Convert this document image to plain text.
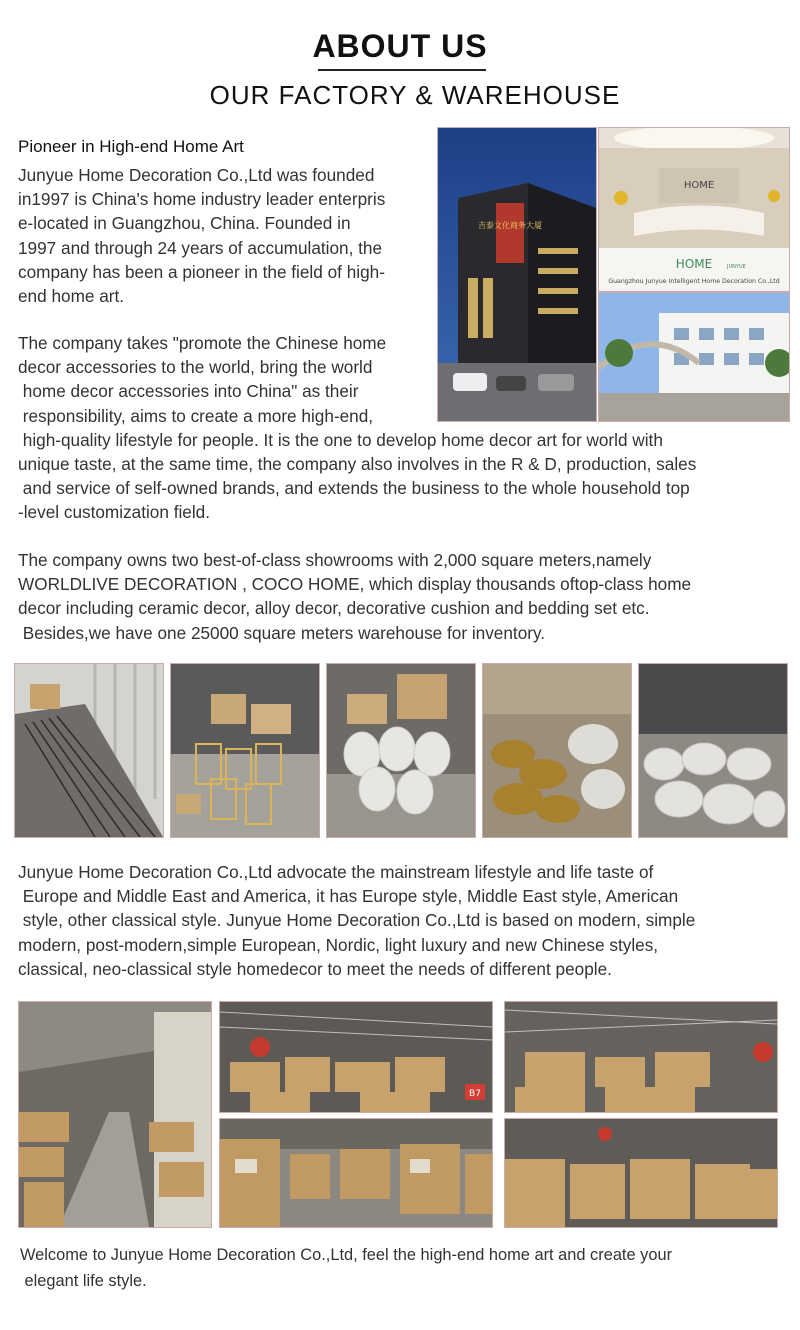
ABOUT US
OUR FACTORY & WAREHOUSE
Pioneer in High-end Home Art
Junyue Home Decoration Co.,Ltd was founded
in1997 is China's home industry leader enterpris
e-located in Guangzhou, China. Founded in
1997 and through 24 years of accumulation, the
company has been a pioneer in the field of high-
end home art.
The company takes "promote the Chinese home
decor accessories to the world, bring the world
home decor accessories into China" as their
responsibility, aims to create a more high-end,
high-quality lifestyle for people. It is the one to develop home decor art for world with
unique taste, at the same time, the company also involves in the R & D, production, sales
and service of self-owned brands, and extends the business to the whole household top
-level customization field.
The company owns two best-of-class showrooms with 2,000 square meters,namely
WORLDLIVE DECORATION , COCO HOME, which display thousands oftop-class home
decor including ceramic decor, alloy decor, decorative cushion and bedding set etc.
Besides,we have one 25000 square meters warehouse for inventory.
吉泰文化商务大厦
HOME
HOME	JUNYUE
Guangzhou Junyue Intelligent Home Decoration Co.,Ltd
Junyue Home Decoration Co.,Ltd advocate the mainstream lifestyle and life taste of
Europe and Middle East and America, it has Europe style, Middle East style, American
style, other classical style. Junyue Home Decoration Co.,Ltd is based on modern, simple
modern, post-modern,simple European, Nordic, light luxury and new Chinese styles,
classical, neo-classical style homedecor to meet the needs of different people.
B7
Welcome to Junyue Home Decoration Co.,Ltd, feel the high-end home art and create your
elegant life style.
